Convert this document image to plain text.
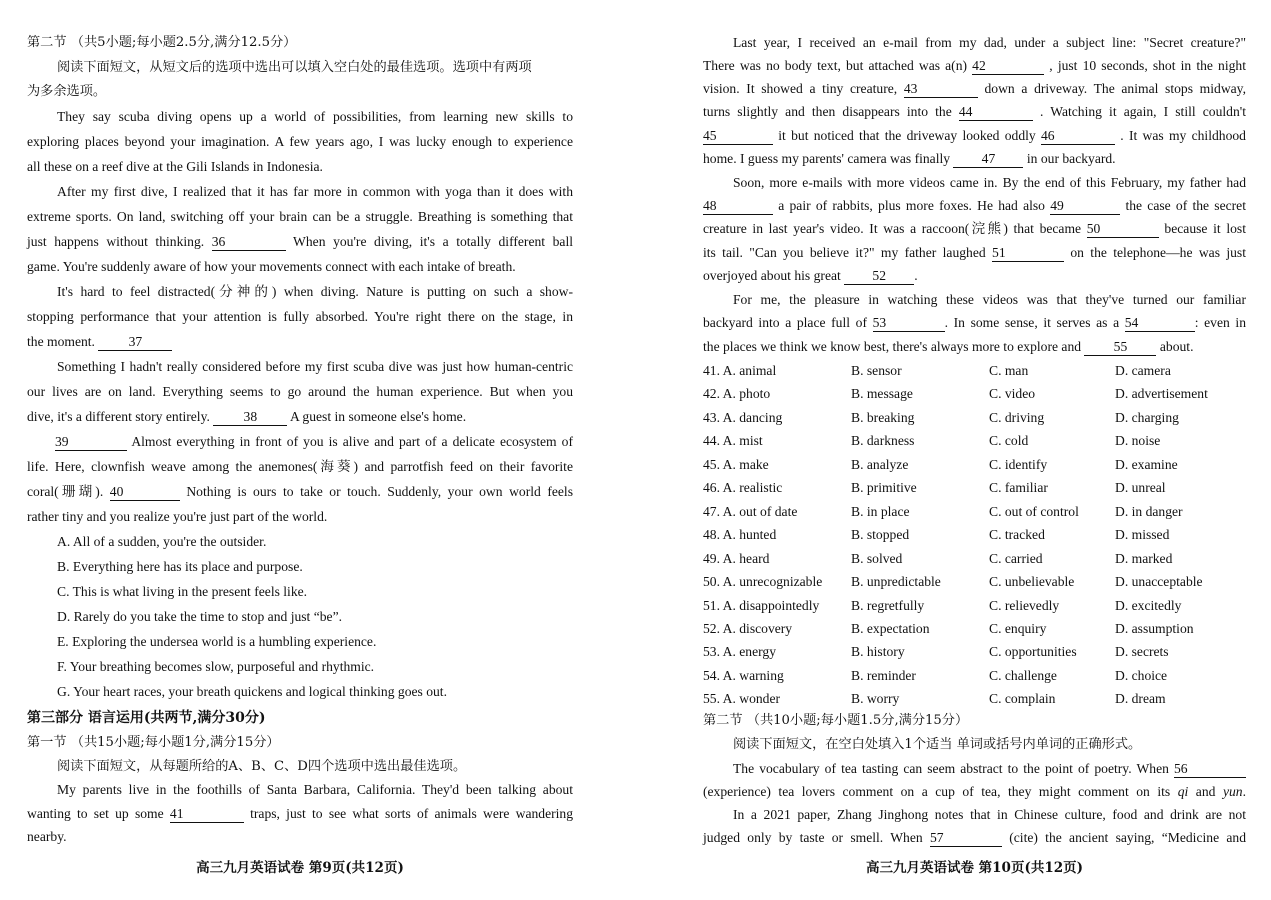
第二节 （共5小题;每小题2.5分,满分12.5分）
阅读下面短文，从短文后的选项中选出可以填入空白处的最佳选项。选项中有两项
为多余选项。
They say scuba diving opens up a world of possibilities, from learning new skills to
exploring places beyond your imagination. A few years ago, I was lucky enough to experience
all these on a reef dive at the Gili Islands in Indonesia.
After my first dive, I realized that it has far more in common with yoga than it does with
extreme sports. On land, switching off your brain can be a struggle. Breathing is something that
just happens without thinking. 36	When you're diving, it's a totally different ball
game. You're suddenly aware of how your movements connect with each intake of breath.
It's hard to feel distracted(分神的) when diving. Nature is putting on such a show-
stopping performance that your attention is fully absorbed. You're right there on the stage, in
the moment. 37
Something I hadn't really considered before my first scuba dive was just how human-centric
our lives are on land. Everything seems to go around the human experience. But when you
dive, it's a different story entirely. 38 A guest in someone else's home.
39	Almost everything in front of you is alive and part of a delicate ecosystem of
life. Here, clownfish weave among the anemones(海葵) and parrotfish feed on their favorite
coral(珊瑚). 40	Nothing is ours to take or touch. Suddenly, your own world feels
rather tiny and you realize you're just part of the world.
A. All of a sudden, you're the outsider.
B. Everything here has its place and purpose.
C. This is what living in the present feels like.
D. Rarely do you take the time to stop and just “be”.
E. Exploring the undersea world is a humbling experience.
F. Your breathing becomes slow, purposeful and rhythmic.
G. Your heart races, your breath quickens and logical thinking goes out.
第三部分 语言运用(共两节,满分30分)
第一节 （共15小题;每小题1分,满分15分）
阅读下面短文，从每题所给的A、B、C、D四个选项中选出最佳选项。
My parents live in the foothills of Santa Barbara, California. They'd been talking about
wanting to set up some 41	traps, just to see what sorts of animals were wandering
nearby.
高三九月英语试卷 第9页(共12页)
Last year, I received an e-mail from my dad, under a subject line: "Secret creature?"
There was no body text, but attached was a(n) 42	, just 10 seconds, shot in the night
vision. It showed a tiny creature, 43	down a driveway. The animal stops midway,
turns slightly and then disappears into the 44	. Watching it again, I still couldn't
45	it but noticed that the driveway looked oddly 46	. It was my childhood
home. I guess my parents' camera was finally 47 in our backyard.
Soon, more e-mails with more videos came in. By the end of this February, my father had
48	a pair of rabbits, plus more foxes. He had also 49	the case of the secret
creature in last year's video. It was a raccoon(浣熊) that became 50	because it lost
its tail. "Can you believe it?" my father laughed 51	on the telephone—he was just
overjoyed about his great 52 .
For me, the pleasure in watching these videos was that they've turned our familiar
backyard into a place full of 53	. In some sense, it serves as a 54	: even in
the places we think we know best, there's always more to explore and 55 about.
41. A. animal	B. sensor	C. man	D. camera
42. A. photo	B. message	C. video	D. advertisement
43. A. dancing	B. breaking	C. driving	D. charging
44. A. mist	B. darkness	C. cold	D. noise
45. A. make	B. analyze	C. identify	D. examine
46. A. realistic	B. primitive	C. familiar	D. unreal
47. A. out of date	B. in place	C. out of control	D. in danger
48. A. hunted	B. stopped	C. tracked	D. missed
49. A. heard	B. solved	C. carried	D. marked
50. A. unrecognizable B. unpredictable	C. unbelievable	D. unacceptable
51. A. disappointedly B. regretfully	C. relievedly	D. excitedly
52. A. discovery	B. expectation	C. enquiry	D. assumption
53. A. energy	B. history	C. opportunities	D. secrets
54. A. warning	B. reminder	C. challenge	D. choice
55. A. wonder	B. worry	C. complain	D. dream
第二节 （共10小题;每小题1.5分,满分15分）
阅读下面短文，在空白处填入1个适当 单词或括号内单词的正确形式。
The vocabulary of tea tasting can seem abstract to the point of poetry. When 56
(experience) tea lovers comment on a cup of tea, they might comment on its qi and yun.
In a 2021 paper, Zhang Jinghong notes that in Chinese culture, food and drink are not
judged only by taste or smell. When 57	(cite) the ancient saying, “Medicine and
高三九月英语试卷 第10页(共12页)
